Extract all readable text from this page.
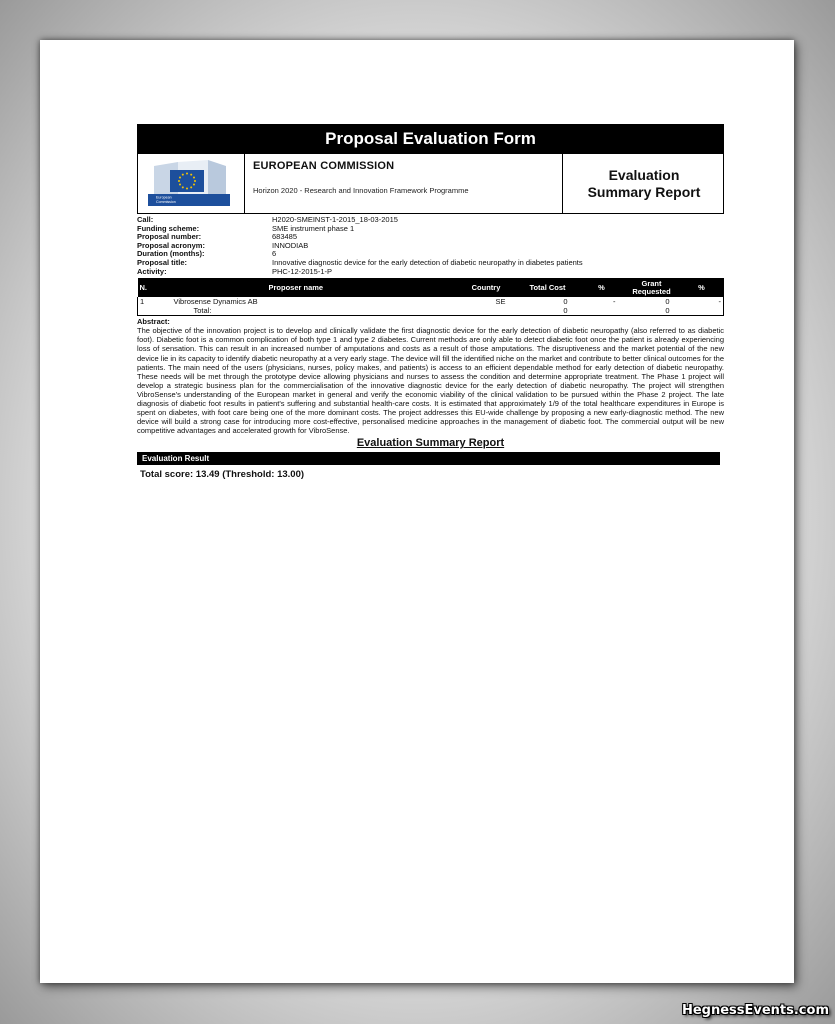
Proposal Evaluation Form
European
Commission
EUROPEAN COMMISSION
Horizon 2020 - Research and Innovation Framework Programme
Evaluation
Summary Report
Call:	H2020-SMEINST-1-2015_18-03-2015
Funding scheme:	SME instrument phase 1
Proposal number:	683485
Proposal acronym:	INNODIAB
Duration (months):	6
Proposal title:	Innovative diagnostic device for the early detection of diabetic neuropathy in diabetes patients
Activity:	PHC-12-2015-1-P
N.	Proposer name	Country	Total Cost	%	Grant Requested	%
1	Vibrosense Dynamics AB	SE	0	-	0	-
	Total:		0		0	
Abstract:
The objective of the innovation project is to develop and clinically validate the first diagnostic device for the early detection of diabetic neuropathy (also referred to as diabetic foot). Diabetic foot is a common complication of both type 1 and type 2 diabetes. Current methods are only able to detect diabetic foot once the patient is already experiencing loss of sensation. This can result in an increased number of amputations and costs as a result of those amputations. The disruptiveness and the market potential of the new device lie in its capacity to identify diabetic neuropathy at a very early stage. The device will fill the identified niche on the market and contribute to better clinical outcomes for the patients. The main need of the users (physicians, nurses, policy makes, and patients) is access to an efficient dependable method for early detection of diabetic neuropathy. These needs will be met through the prototype device allowing physicians and nurses to assess the condition and determine appropriate treatment. The Phase 1 project will develop a strategic business plan for the commercialisation of the innovative diagnostic device for the early detection of diabetic neuropathy. The project will strengthen VibroSense's understanding of the European market in general and verify the economic viability of the clinical validation to be pursued within the Phase 2 project. The late diagnosis of diabetic foot results in patient's suffering and substantial health-care costs. It is estimated that approximately 1/9 of the total healthcare expenditures in Europe is spent on diabetes, with foot care being one of the more dominant costs. The project addresses this EU-wide challenge by proposing a new early-diagnostic method. The new device will build a strong case for introducing more cost-effective, personalised medicine approaches in the management of diabetic foot. The commercial output will be new competitive advantages and accelerated growth for VibroSense.
Evaluation Summary Report
Evaluation Result
Total score: 13.49 (Threshold: 13.00)
HegnessEvents.com
